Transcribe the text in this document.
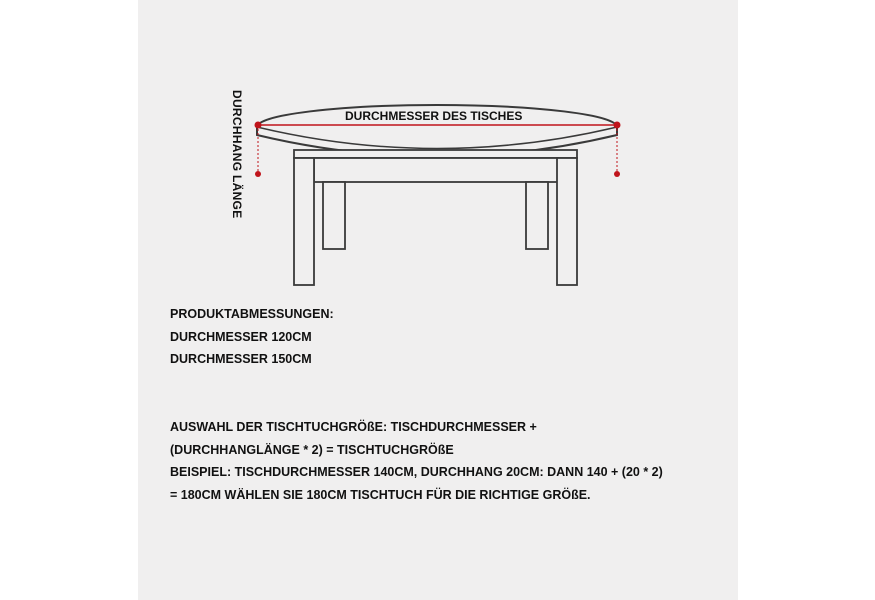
DURCHHANG LÄNGE	DURCHMESSER DES TISCHES
PRODUKTABMESSUNGEN:
DURCHMESSER 120CM
DURCHMESSER 150CM
AUSWAHL DER TISCHTUCHGRÖßE: TISCHDURCHMESSER +
(DURCHHANGLÄNGE * 2) = TISCHTUCHGRÖßE
BEISPIEL: TISCHDURCHMESSER 140CM, DURCHHANG 20CM: DANN 140 + (20 * 2)
= 180CM WÄHLEN SIE 180CM TISCHTUCH FÜR DIE RICHTIGE GRÖßE.
